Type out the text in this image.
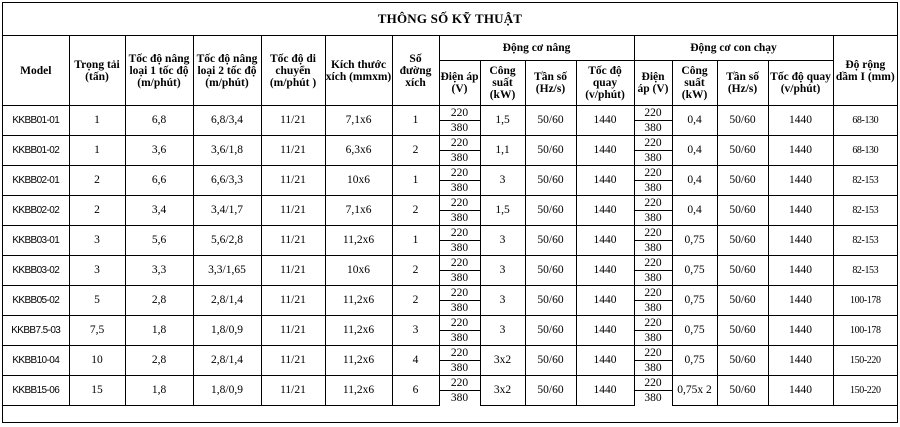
THÔNG SỐ KỸ THUẬT
Model	Trọng tải (tấn)	Tốc độ nâng loại 1 tốc độ (m/phút)	Tốc độ nâng loại 2 tốc độ (m/phút)	Tốc độ di chuyển (m/phút )	Kích thước xích (mmxm)	Số đường xích	Động cơ nâng				Động cơ con chạy				Độ rộng dầm I (mm)
							Điện áp (V)	Công suất (kW)	Tần số (Hz/s)	Tốc độ quay (v/phút)	Điện áp (V)	Công suất (kW)	Tần số (Hz/s)	Tốc độ quay (v/phút)	
KKBB01-01	1	6,8	6,8/3,4	11/21	7,1x6	1	220	1,5	50/60	1440	220	0,4	50/60	1440	68-130
							380				380				
KKBB01-02	1	3,6	3,6/1,8	11/21	6,3x6	2	220	1,1	50/60	1440	220	0,4	50/60	1440	68-130
							380				380				
KKBB02-01	2	6,6	6,6/3,3	11/21	10x6	1	220	3	50/60	1440	220	0,4	50/60	1440	82-153
							380				380				
KKBB02-02	2	3,4	3,4/1,7	11/21	7,1x6	2	220	1,5	50/60	1440	220	0,4	50/60	1440	82-153
							380				380				
KKBB03-01	3	5,6	5,6/2,8	11/21	11,2x6	1	220	3	50/60	1440	220	0,75	50/60	1440	82-153
							380				380				
KKBB03-02	3	3,3	3,3/1,65	11/21	10x6	2	220	3	50/60	1440	220	0,75	50/60	1440	82-153
							380				380				
KKBB05-02	5	2,8	2,8/1,4	11/21	11,2x6	2	220	3	50/60	1440	220	0,75	50/60	1440	100-178
							380				380				
KKBB7.5-03	7,5	1,8	1,8/0,9	11/21	11,2x6	3	220	3	50/60	1440	220	0,75	50/60	1440	100-178
							380				380				
KKBB10-04	10	2,8	2,8/1,4	11/21	11,2x6	4	220	3x2	50/60	1440	220	0,75	50/60	1440	150-220
							380				380				
KKBB15-06	15	1,8	1,8/0,9	11/21	11,2x6	6	220	3x2	50/60	1440	220	0,75x 2	50/60	1440	150-220
							380				380				
